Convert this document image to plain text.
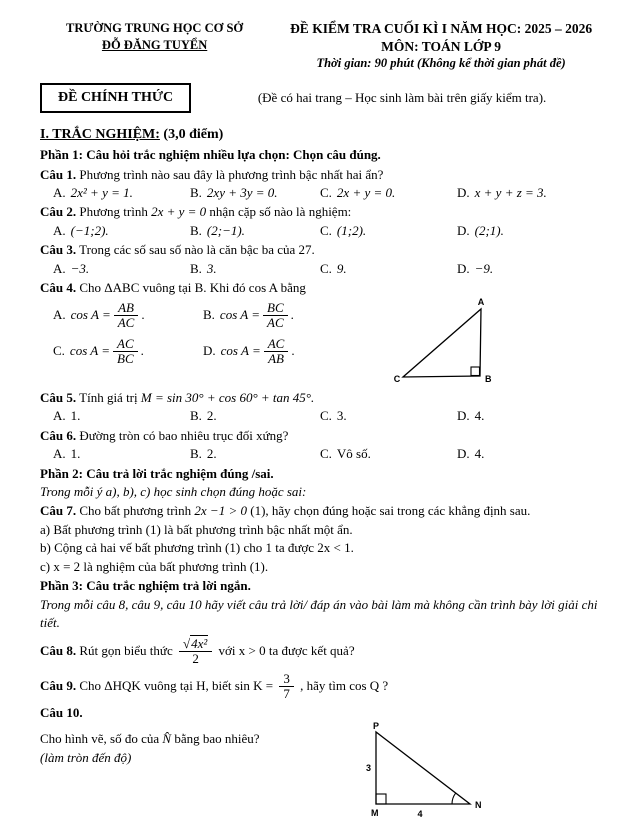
TRƯỜNG TRUNG HỌC CƠ SỞ
ĐỖ ĐĂNG TUYỂN
ĐỀ KIỂM TRA CUỐI KÌ I NĂM HỌC: 2025 – 2026
MÔN: TOÁN LỚP 9
Thời gian: 90 phút (Không kể thời gian phát đề)
ĐỀ CHÍNH THỨC	(Đề có hai trang – Học sinh làm bài trên giấy kiểm tra).
I. TRẮC NGHIỆM: (3,0 điểm)
Phần 1: Câu hỏi trắc nghiệm nhiều lựa chọn: Chọn câu đúng.
Câu 1. Phương trình nào sau đây là phương trình bậc nhất hai ẩn?
A. 2x² + y = 1.	B. 2xy + 3y = 0.	C. 2x + y = 0.	D. x + y + z = 3.
Câu 2. Phương trình 2x + y = 0 nhận cặp số nào là nghiệm:
A. (−1;2).	B. (2;−1).	C. (1;2).	D. (2;1).
Câu 3. Trong các số sau số nào là căn bậc ba của 27.
A. −3.	B. 3.	C. 9.	D. −9.
Câu 4. Cho ΔABC vuông tại B. Khi đó cos A bằng
A. $\cos A = \frac{AB}{AC}$ .	B. $\cos A = \frac{BC}{AC}$ .
C. $\cos A = \frac{AC}{BC}$ .	D. $\cos A = \frac{AC}{AB}$ .
A
B
C
Câu 5. Tính giá trị M = sin 30° + cos 60° + tan 45°.
A. 1.	B. 2.	C. 3.	D. 4.
Câu 6. Đường tròn có bao nhiêu trục đối xứng?
A. 1.	B. 2.	C. Vô số.	D. 4.
Phần 2: Câu trả lời trắc nghiệm đúng /sai.
Trong mỗi ý a), b), c) học sinh chọn đúng hoặc sai:
Câu 7. Cho bất phương trình 2x −1 > 0 (1), hãy chọn đúng hoặc sai trong các khẳng định sau.
a) Bất phương trình (1) là bất phương trình bậc nhất một ẩn.
b) Cộng cả hai vế bất phương trình (1) cho 1 ta được 2x < 1.
c) x = 2 là nghiệm của bất phương trình (1).
Phần 3: Câu trắc nghiệm trả lời ngắn.
Trong mỗi câu 8, câu 9, câu 10 hãy viết câu trả lời/ đáp án vào bài làm mà không cần trình bày lời giải chi tiết.
Câu 8. Rút gọn biểu thức $\frac{\text{√4x²}}{2}$ với x > 0 ta được kết quả?
Câu 9. Cho ΔHQK vuông tại H, biết $\sin K = \frac{3}{7}$ , hãy tìm cos Q ?
Câu 10.
Cho hình vẽ, số đo của N̂ bằng bao nhiêu?
(làm tròn đến độ)
P
M
N
3
4
